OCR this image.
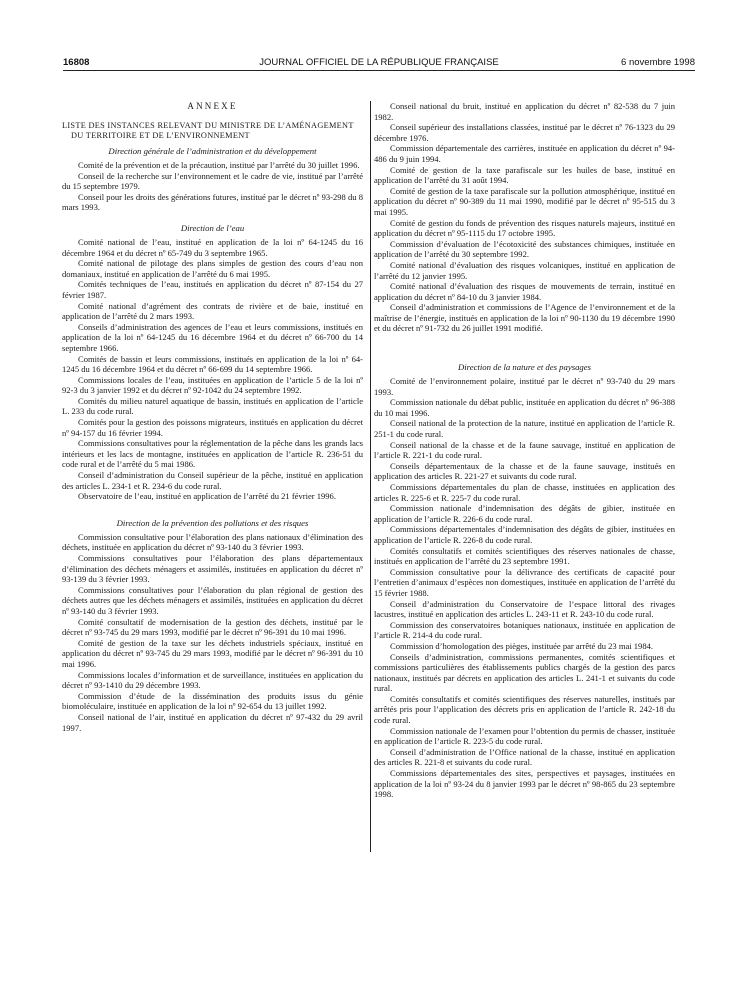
16808	JOURNAL OFFICIEL DE LA RÉPUBLIQUE FRANÇAISE	6 novembre 1998
ANNEXE
LISTE DES INSTANCES RELEVANT DU MINISTRE DE L’AMÉNAGEMENT DU TERRITOIRE ET DE L’ENVIRONNEMENT
Direction générale de l’administration et du développement

Comité de la prévention et de la précaution, institué par l’arrêté du 30 juillet 1996.

Conseil de la recherche sur l’environnement et le cadre de vie, institué par l’arrêté du 15 septembre 1979.

Conseil pour les droits des générations futures, institué par le décret nº 93-298 du 8 mars 1993.

Direction de l’eau

Comité national de l’eau, institué en application de la loi nº 64-1245 du 16 décembre 1964 et du décret nº 65-749 du 3 septembre 1965.

Comité national de pilotage des plans simples de gestion des cours d’eau non domaniaux, institué en application de l’arrêté du 6 mai 1995.

Comités techniques de l’eau, institués en application du décret nº 87-154 du 27 février 1987.

Comité national d’agrément des contrats de rivière et de baie, institué en application de l’arrêté du 2 mars 1993.

Conseils d’administration des agences de l’eau et leurs commissions, institués en application de la loi nº 64-1245 du 16 décembre 1964 et du décret nº 66-700 du 14 septembre 1966.

Comités de bassin et leurs commissions, institués en application de la loi nº 64-1245 du 16 décembre 1964 et du décret nº 66-699 du 14 septembre 1966.

Commissions locales de l’eau, instituées en application de l’article 5 de la loi nº 92-3 du 3 janvier 1992 et du décret nº 92-1042 du 24 septembre 1992.

Comités du milieu naturel aquatique de bassin, institués en application de l’article L. 233 du code rural.

Comités pour la gestion des poissons migrateurs, institués en application du décret nº 94-157 du 16 février 1994.

Commissions consultatives pour la réglementation de la pêche dans les grands lacs intérieurs et les lacs de montagne, instituées en application de l’article R. 236-51 du code rural et de l’arrêté du 5 mai 1986.

Conseil d’administration du Conseil supérieur de la pêche, institué en application des articles L. 234-1 et R. 234-6 du code rural.

Observatoire de l’eau, institué en application de l’arrêté du 21 février 1996.

Direction de la prévention des pollutions et des risques

Commission consultative pour l’élaboration des plans nationaux d’élimination des déchets, instituée en application du décret nº 93-140 du 3 février 1993.

Commissions consultatives pour l’élaboration des plans départementaux d’élimination des déchets ménagers et assimilés, instituées en application du décret nº 93-139 du 3 février 1993.

Commissions consultatives pour l’élaboration du plan régional de gestion des déchets autres que les déchets ménagers et assimilés, instituées en application du décret nº 93-140 du 3 février 1993.

Comité consultatif de modernisation de la gestion des déchets, institué par le décret nº 93-745 du 29 mars 1993, modifié par le décret nº 96-391 du 10 mai 1996.

Comité de gestion de la taxe sur les déchets industriels spéciaux, institué en application du décret nº 93-745 du 29 mars 1993, modifié par le décret nº 96-391 du 10 mai 1996.

Commissions locales d’information et de surveillance, instituées en application du décret nº 93-1410 du 29 décembre 1993.

Commission d’étude de la dissémination des produits issus du génie biomoléculaire, instituée en application de la loi nº 92-654 du 13 juillet 1992.

Conseil national de l’air, institué en application du décret nº 97-432 du 29 avril 1997.

Conseil national du bruit, institué en application du décret nº 82-538 du 7 juin 1982.

Conseil supérieur des installations classées, institué par le décret nº 76-1323 du 29 décembre 1976.

Commission départementale des carrières, instituée en application du décret nº 94-486 du 9 juin 1994.

Comité de gestion de la taxe parafiscale sur les huiles de base, institué en application de l’arrêté du 31 août 1994.

Comité de gestion de la taxe parafiscale sur la pollution atmosphérique, institué en application du décret nº 90-389 du 11 mai 1990, modifié par le décret nº 95-515 du 3 mai 1995.

Comité de gestion du fonds de prévention des risques naturels majeurs, institué en application du décret nº 95-1115 du 17 octobre 1995.

Commission d’évaluation de l’écotoxicité des substances chimiques, instituée en application de l’arrêté du 30 septembre 1992.

Comité national d’évaluation des risques volcaniques, institué en application de l’arrêté du 12 janvier 1995.

Comité national d’évaluation des risques de mouvements de terrain, institué en application du décret nº 84-10 du 3 janvier 1984.

Conseil d’administration et commissions de l’Agence de l’environnement et de la maîtrise de l’énergie, institués en application de la loi nº 90-1130 du 19 décembre 1990 et du décret nº 91-732 du 26 juillet 1991 modifié.

Direction de la nature et des paysages

Comité de l’environnement polaire, institué par le décret nº 93-740 du 29 mars 1993.

Commission nationale du débat public, instituée en application du décret nº 96-388 du 10 mai 1996.

Conseil national de la protection de la nature, institué en application de l’article R. 251-1 du code rural.

Conseil national de la chasse et de la faune sauvage, institué en application de l’article R. 221-1 du code rural.

Conseils départementaux de la chasse et de la faune sauvage, institués en application des articles R. 221-27 et suivants du code rural.

Commissions départementales du plan de chasse, instituées en application des articles R. 225-6 et R. 225-7 du code rural.

Commission nationale d’indemnisation des dégâts de gibier, instituée en application de l’article R. 226-6 du code rural.

Commissions départementales d’indemnisation des dégâts de gibier, instituées en application de l’article R. 226-8 du code rural.

Comités consultatifs et comités scientifiques des réserves nationales de chasse, institués en application de l’arrêté du 23 septembre 1991.

Commission consultative pour la délivrance des certificats de capacité pour l’entretien d’animaux d’espèces non domestiques, instituée en application de l’arrêté du 15 février 1988.

Conseil d’administration du Conservatoire de l’espace littoral des rivages lacustres, institué en application des articles L. 243-11 et R. 243-10 du code rural.

Commission des conservatoires botaniques nationaux, instituée en application de l’article R. 214-4 du code rural.

Commission d’homologation des pièges, instituée par arrêté du 23 mai 1984.

Conseils d’administration, commissions permanentes, comités scientifiques et commissions particulières des établissements publics chargés de la gestion des parcs nationaux, institués par décrets en application des articles L. 241-1 et suivants du code rural.

Comités consultatifs et comités scientifiques des réserves naturelles, institués par arrêtés pris pour l’application des décrets pris en application de l’article R. 242-18 du code rural.

Commission nationale de l’examen pour l’obtention du permis de chasser, instituée en application de l’article R. 223-5 du code rural.

Conseil d’administration de l’Office national de la chasse, institué en application des articles R. 221-8 et suivants du code rural.

Commissions départementales des sites, perspectives et paysages, instituées en application de la loi nº 93-24 du 8 janvier 1993 par le décret nº 98-865 du 23 septembre 1998.
